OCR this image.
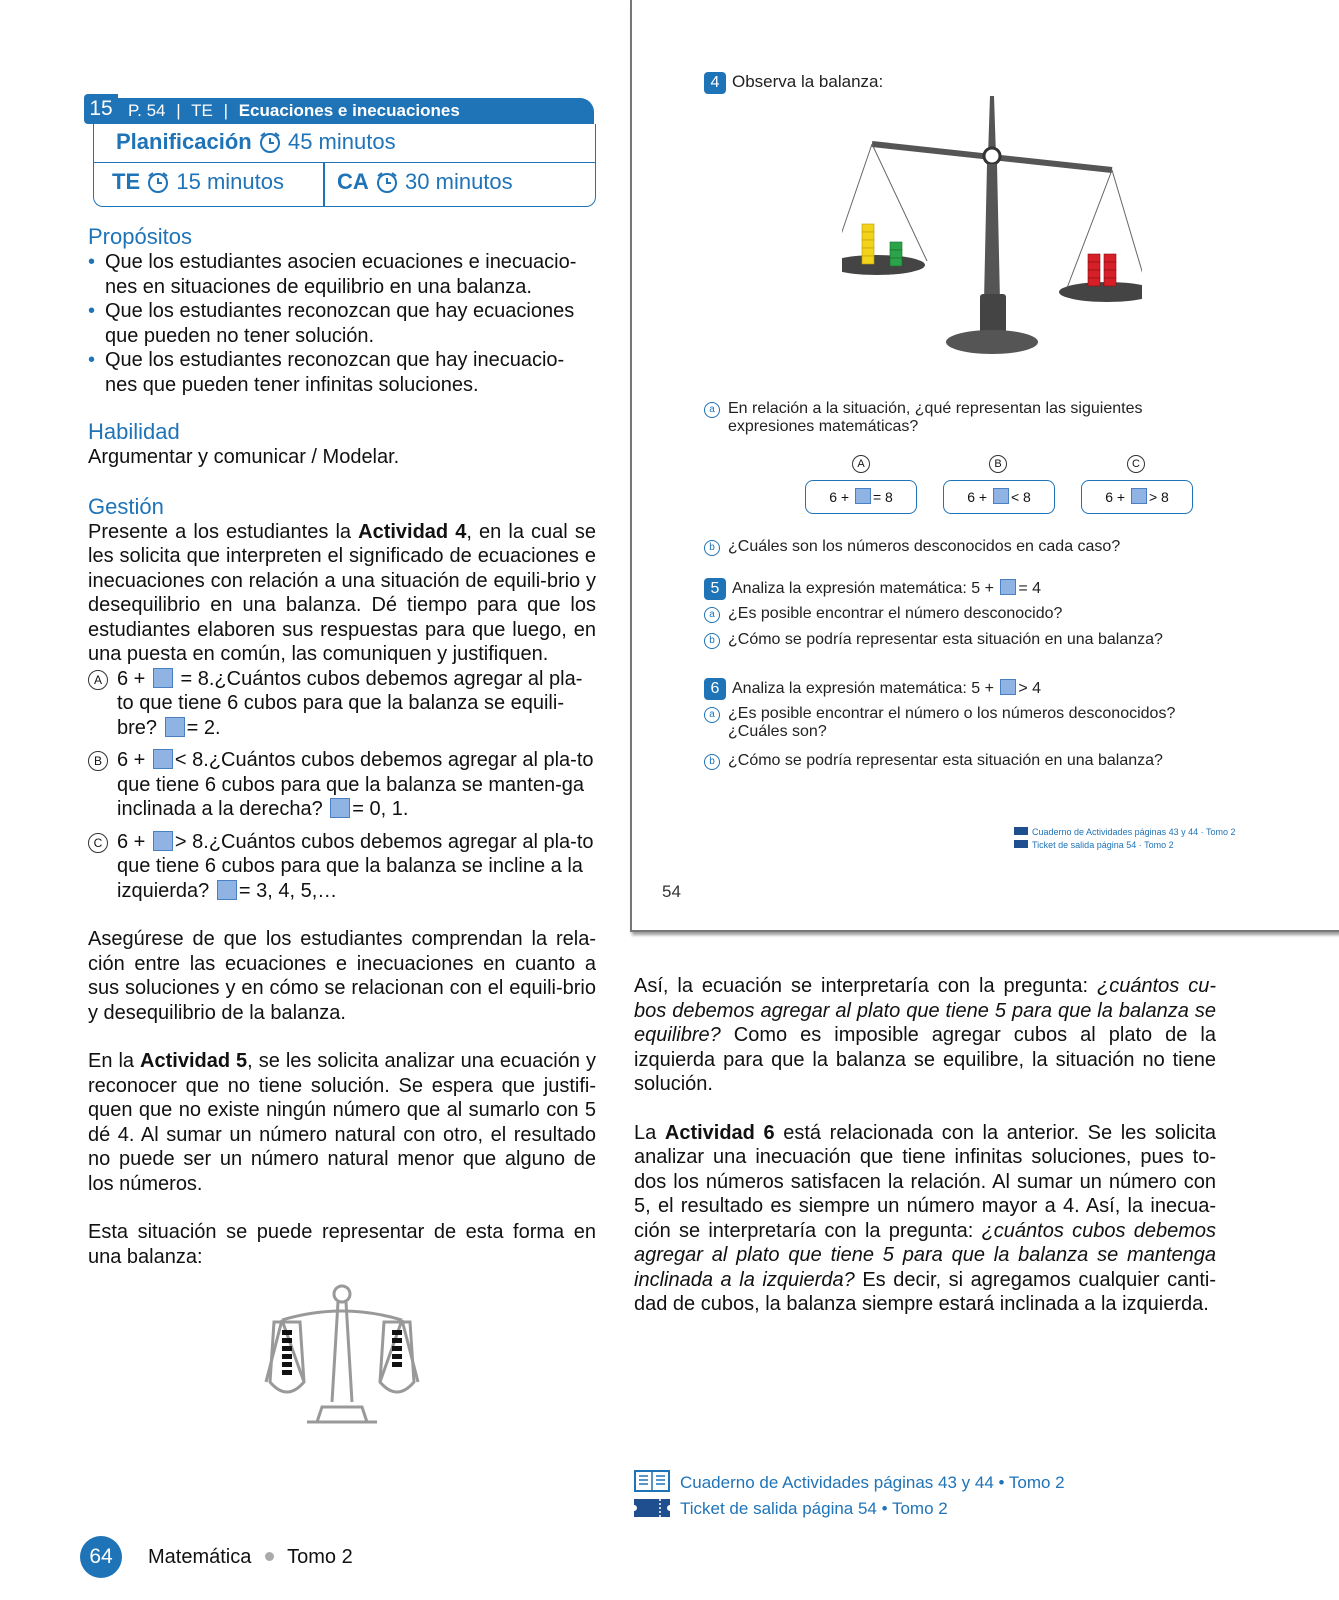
15 P. 54 | TE | Ecuaciones e inecuaciones
Planificación 45 minutos
TE 15 minutos CA 30 minutos

Propósitos

• Que los estudiantes asocien ecuaciones e inecuacio-nes en situaciones de equilibrio en una balanza.
• Que los estudiantes reconozcan que hay ecuaciones que pueden no tener solución.
• Que los estudiantes reconozcan que hay inecuacio-nes que pueden tener infinitas soluciones.

Habilidad

Argumentar y comunicar / Modelar.

Gestión

Presente a los estudiantes la Actividad 4, en la cual se les solicita que interpreten el significado de ecuaciones e inecuaciones con relación a una situación de equili-brio y desequilibrio en una balanza. Dé tiempo para que los estudiantes elaboren sus respuestas para que luego, en una puesta en común, las comuniquen y justifiquen.

A 6 + = 8.¿Cuántos cubos debemos agregar al pla-to que tiene 6 cubos para que la balanza se equili-bre? = 2.

B 6 + < 8.¿Cuántos cubos debemos agregar al pla-to que tiene 6 cubos para que la balanza se manten-ga inclinada a la derecha? = 0, 1.

C 6 + > 8.¿Cuántos cubos debemos agregar al pla-to que tiene 6 cubos para que la balanza se incline a la izquierda? = 3, 4, 5,…

Asegúrese de que los estudiantes comprendan la rela-ción entre las ecuaciones e inecuaciones en cuanto a sus soluciones y en cómo se relacionan con el equili-brio y desequilibrio de la balanza.

En la Actividad 5, se les solicita analizar una ecuación y reconocer que no tiene solución. Se espera que justifi-quen que no existe ningún número que al sumarlo con 5 dé 4. Al sumar un número natural con otro, el resultado no puede ser un número natural menor que alguno de los números.

Esta situación se puede representar de esta forma en una balanza:

4 Observa la balanza:
a En relación a la situación, ¿qué representan las siguientes expresiones matemáticas?
A	B	C
6 + = 8	6 + < 8	6 + > 8
b ¿Cuáles son los números desconocidos en cada caso?
5 Analiza la expresión matemática: 5 + = 4
a ¿Es posible encontrar el número desconocido?
b ¿Cómo se podría representar esta situación en una balanza?
6 Analiza la expresión matemática: 5 + > 4
a ¿Es posible encontrar el número o los números desconocidos? ¿Cuáles son?
b ¿Cómo se podría representar esta situación en una balanza?
Cuaderno de Actividades páginas 43 y 44 · Tomo 2
Ticket de salida página 54 · Tomo 2
54

Así, la ecuación se interpretaría con la pregunta: ¿cuántos cu-bos debemos agregar al plato que tiene 5 para que la balanza se equilibre? Como es imposible agregar cubos al plato de la izquierda para que la balanza se equilibre, la situación no tiene solución.

La Actividad 6 está relacionada con la anterior. Se les solicita analizar una inecuación que tiene infinitas soluciones, pues to-dos los números satisfacen la relación. Al sumar un número con 5, el resultado es siempre un número mayor a 4. Así, la inecua-ción se interpretaría con la pregunta: ¿cuántos cubos debemos agregar al plato que tiene 5 para que la balanza se mantenga inclinada a la izquierda? Es decir, si agregamos cualquier canti-dad de cubos, la balanza siempre estará inclinada a la izquierda.

Cuaderno de Actividades páginas 43 y 44 • Tomo 2
Ticket de salida página 54 • Tomo 2
64	Matemática Tomo 2
